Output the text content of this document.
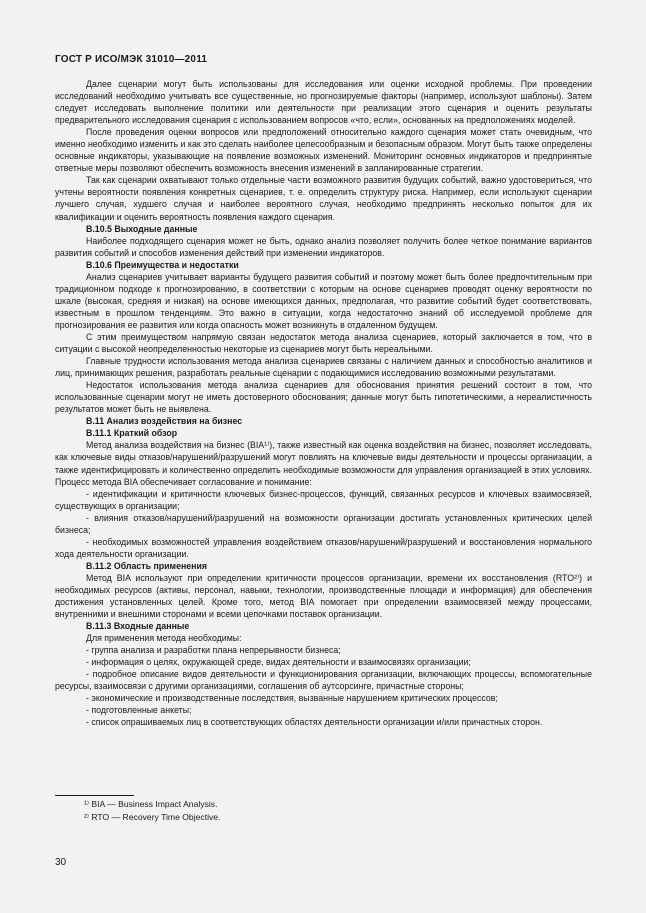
ГОСТ Р ИСО/МЭК 31010—2011

Далее сценарии могут быть использованы для исследования или оценки исходной проблемы. При проведении исследований необходимо учитывать все существенные, но прогнозируемые факторы (например, используют шаблоны). Затем следует исследовать выполнение политики или деятельности при реализации этого сценария и оценить результаты предварительного исследования сценария с использованием вопросов «что, если», основанных на предположениях моделей.

После проведения оценки вопросов или предположений относительно каждого сценария может стать очевидным, что именно необходимо изменить и как это сделать наиболее целесообразным и безопасным образом. Могут быть также определены основные индикаторы, указывающие на появление возможных изменений. Мониторинг основных индикаторов и предпринятые ответные меры позволяют обеспечить возможность внесения изменений в запланированные стратегии.

Так как сценарии охватывают только отдельные части возможного развития будущих событий, важно удостовериться, что учтены вероятности появления конкретных сценариев, т. е. определить структуру риска. Например, если используют сценарии лучшего случая, худшего случая и наиболее вероятного случая, необходимо предпринять несколько попыток для их квалификации и оценить вероятность появления каждого сценария.

В.10.5 Выходные данные

Наиболее подходящего сценария может не быть, однако анализ позволяет получить более четкое понимание вариантов развития событий и способов изменения действий при изменении индикаторов.

В.10.6 Преимущества и недостатки

Анализ сценариев учитывает варианты будущего развития событий и поэтому может быть более предпочтительным при традиционном подходе к прогнозированию, в соответствии с которым на основе сценариев проводят оценку вероятности по шкале (высокая, средняя и низкая) на основе имеющихся данных, предполагая, что развитие событий будет соответствовать, известным в прошлом тенденциям. Это важно в ситуации, когда недостаточно знаний об исследуемой проблеме для прогнозирования ее развития или когда опасность может возникнуть в отдаленном будущем.

С этим преимуществом напрямую связан недостаток метода анализа сценариев, который заключается в том, что в ситуации с высокой неопределенностью некоторые из сценариев могут быть нереальными.

Главные трудности использования метода анализа сценариев связаны с наличием данных и способностью аналитиков и лиц, принимающих решения, разработать реальные сценарии с подающимися исследованию возможными результатами.

Недостаток использования метода анализа сценариев для обоснования принятия решений состоит в том, что использованные сценарии могут не иметь достоверного обоснования; данные могут быть гипотетическими, а нереалистичность результатов может быть не выявлена.

В.11 Анализ воздействия на бизнес

В.11.1 Краткий обзор

Метод анализа воздействия на бизнес (BIA¹⁾), также известный как оценка воздействия на бизнес, позволяет исследовать, как ключевые виды отказов/нарушений/разрушений могут повлиять на ключевые виды деятельности и процессы организации, а также идентифицировать и количественно определить необходимые возможности для управления организацией в этих условиях. Процесс метода BIA обеспечивает согласование и понимание:

- идентификации и критичности ключевых бизнес-процессов, функций, связанных ресурсов и ключевых взаимосвязей, существующих в организации;

- влияния отказов/нарушений/разрушений на возможности организации достигать установленных критических целей бизнеса;

- необходимых возможностей управления воздействием отказов/нарушений/разрушений и восстановления нормального хода деятельности организации.

В.11.2 Область применения

Метод BIA используют при определении критичности процессов организации, времени их восстановления (RTO²⁾) и необходимых ресурсов (активы, персонал, навыки, технологии, производственные площади и информация) для обеспечения достижения установленных целей. Кроме того, метод BIA помогает при определении взаимосвязей между процессами, внутренними и внешними сторонами и всеми цепочками поставок организации.

В.11.3 Входные данные

Для применения метода необходимы:

- группа анализа и разработки плана непрерывности бизнеса;

- информация о целях, окружающей среде, видах деятельности и взаимосвязях организации;

- подробное описание видов деятельности и функционирования организации, включающих процессы, вспомогательные ресурсы, взаимосвязи с другими организациями, соглашения об аутсорсинге, причастные стороны;

- экономические и производственные последствия, вызванные нарушением критических процессов;

- подготовленные анкеты;

- список опрашиваемых лиц в соответствующих областях деятельности организации и/или причастных сторон.

¹⁾ BIA — Business Impact Analysis.
²⁾ RTO — Recovery Time Objective.
30
